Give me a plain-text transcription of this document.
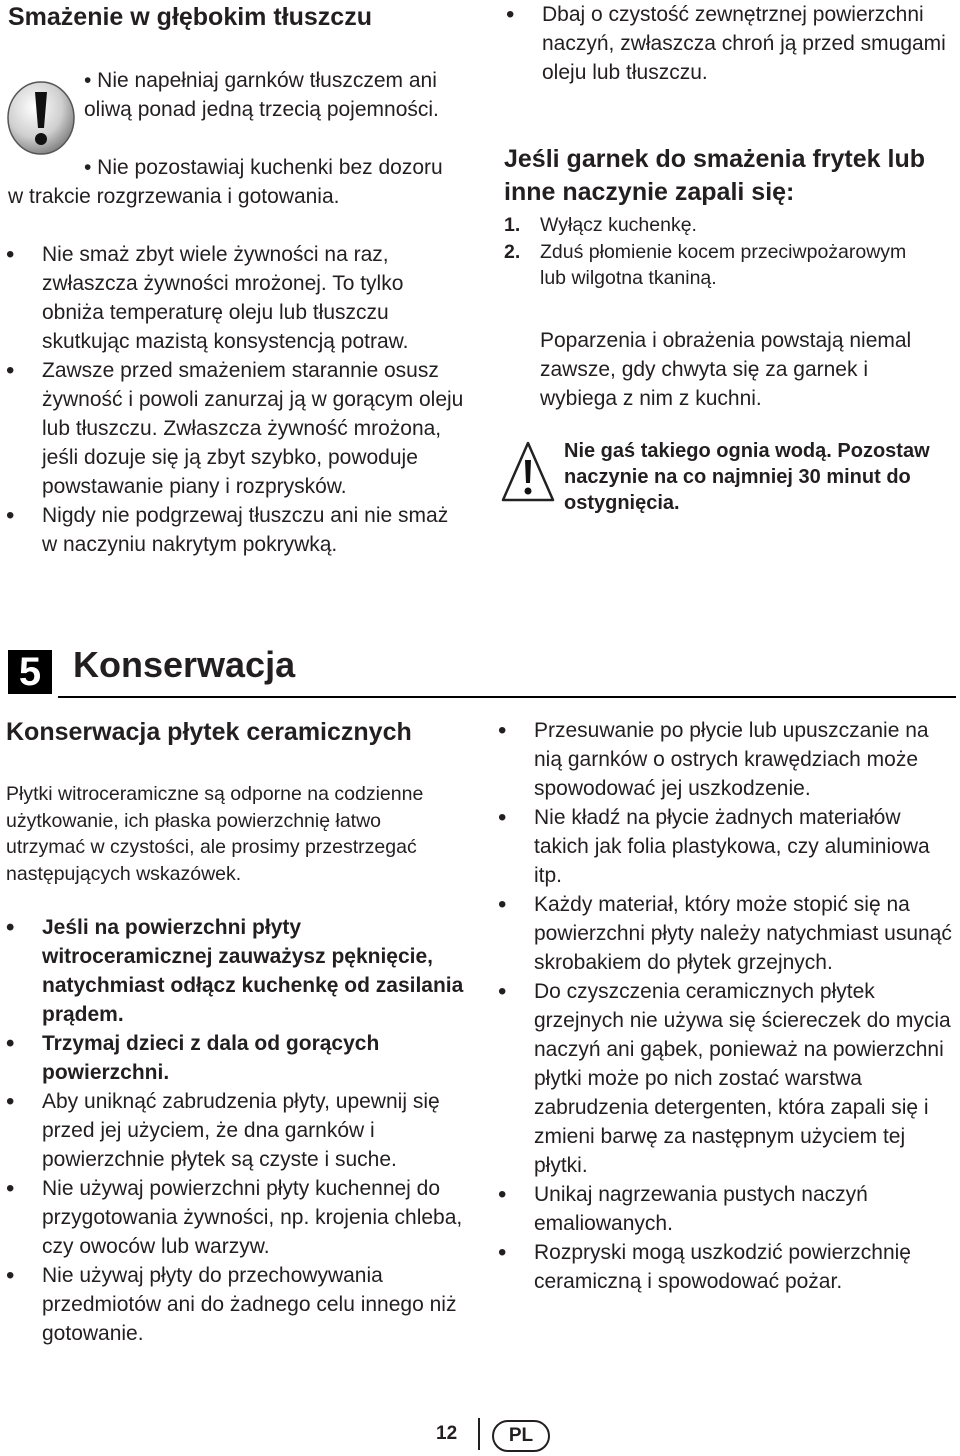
Smażenie w głębokim tłuszczu
• Nie napełniaj garnków tłuszczem ani oliwą ponad jedną trzecią pojemności.
• Nie pozostawiaj kuchenki bez dozoru w trakcie rozgrzewania i gotowania.
• Nie smaż zbyt wiele żywności na raz, zwłaszcza żywności mrożonej. To tylko obniża temperaturę oleju lub tłuszczu skutkując mazistą konsystencją potraw.
• Zawsze przed smażeniem starannie osusz żywność i powoli zanurzaj ją w gorącym oleju lub tłuszczu. Zwłaszcza żywność mrożona, jeśli dozuje się ją zbyt szybko, powoduje powstawanie piany i rozprysków.
• Nigdy nie podgrzewaj tłuszczu ani nie smaż w naczyniu nakrytym pokrywką.
• Dbaj o czystość zewnętrznej powierzchni naczyń, zwłaszcza chroń ją przed smugami oleju lub tłuszczu.
Jeśli garnek do smażenia frytek lub inne naczynie zapali się:
1. Wyłącz kuchenkę.
2. Zduś płomienie kocem przeciwpożarowym lub wilgotna tkaniną.
Poparzenia i obrażenia powstają niemal zawsze, gdy chwyta się za garnek i wybiega z nim z kuchni.
Nie gaś takiego ognia wodą. Pozostaw naczynie na co najmniej 30 minut do ostygnięcia.
5 Konserwacja
Konserwacja płytek ceramicznych
Płytki witroceramiczne są odporne na codzienne użytkowanie, ich płaska powierzchnię łatwo utrzymać w czystości, ale prosimy przestrzegać następujących wskazówek.
• Jeśli na powierzchni płyty witroceramicznej zauważysz pęknięcie, natychmiast odłącz kuchenkę od zasilania prądem.
• Trzymaj dzieci z dala od gorących powierzchni.
• Aby uniknąć zabrudzenia płyty, upewnij się przed jej użyciem, że dna garnków i powierzchnie płytek są czyste i suche.
• Nie używaj powierzchni płyty kuchennej do przygotowania żywności, np. krojenia chleba, czy owoców lub warzyw.
• Nie używaj płyty do przechowywania przedmiotów ani do żadnego celu innego niż gotowanie.
• Przesuwanie po płycie lub upuszczanie na nią garnków o ostrych krawędziach może spowodować jej uszkodzenie.
• Nie kładź na płycie żadnych materiałów takich jak folia plastykowa, czy aluminiowa itp.
• Każdy materiał, który może stopić się na powierzchni płyty należy natychmiast usunąć skrobakiem do płytek grzejnych.
• Do czyszczenia ceramicznych płytek grzejnych nie używa się ściereczek do mycia naczyń ani gąbek, ponieważ na powierzchni płytki może po nich zostać warstwa zabrudzenia detergenten, która zapali się i zmieni barwę za następnym użyciem tej płytki.
• Unikaj nagrzewania pustych naczyń emaliowanych.
• Rozpryski mogą uszkodzić powierzchnię ceramiczną i spowodować pożar.
12	PL
